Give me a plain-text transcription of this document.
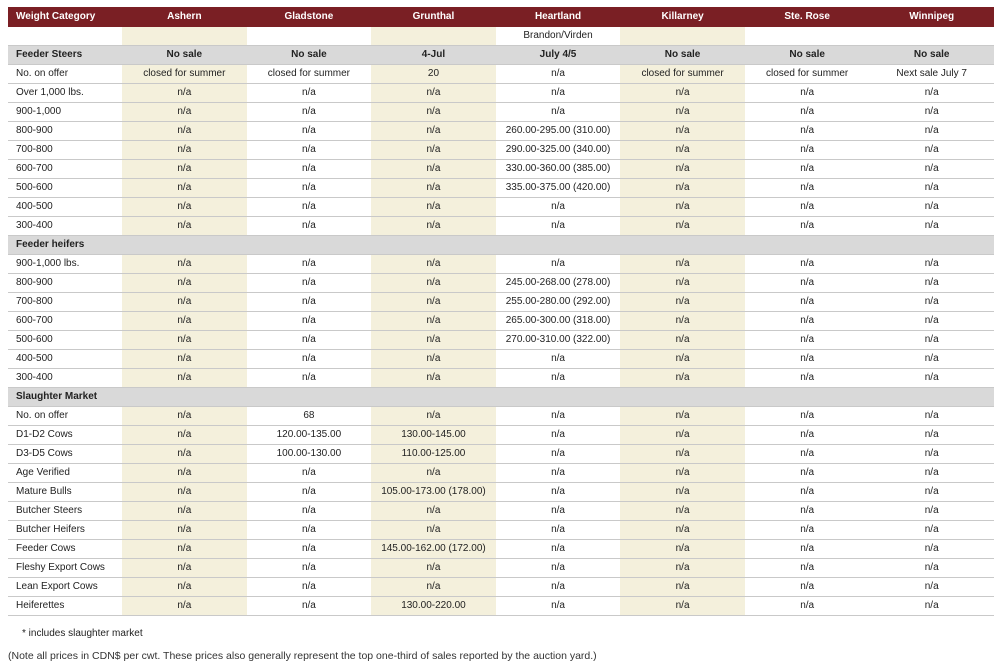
Weight Category	Ashern	Gladstone	Grunthal	Heartland	Killarney	Ste. Rose	Winnipeg
				Brandon/Virden			
Feeder Steers	No sale	No sale	4-Jul	July 4/5	No sale	No sale	No sale
No. on offer	closed for summer	closed for summer	20	n/a	closed for summer	closed for summer	Next sale July 7
Over 1,000 lbs.	n/a	n/a	n/a	n/a	n/a	n/a	n/a
900-1,000	n/a	n/a	n/a	n/a	n/a	n/a	n/a
800-900	n/a	n/a	n/a	260.00-295.00 (310.00)	n/a	n/a	n/a
700-800	n/a	n/a	n/a	290.00-325.00 (340.00)	n/a	n/a	n/a
600-700	n/a	n/a	n/a	330.00-360.00 (385.00)	n/a	n/a	n/a
500-600	n/a	n/a	n/a	335.00-375.00 (420.00)	n/a	n/a	n/a
400-500	n/a	n/a	n/a	n/a	n/a	n/a	n/a
300-400	n/a	n/a	n/a	n/a	n/a	n/a	n/a
Feeder heifers							
900-1,000 lbs.	n/a	n/a	n/a	n/a	n/a	n/a	n/a
800-900	n/a	n/a	n/a	245.00-268.00 (278.00)	n/a	n/a	n/a
700-800	n/a	n/a	n/a	255.00-280.00 (292.00)	n/a	n/a	n/a
600-700	n/a	n/a	n/a	265.00-300.00 (318.00)	n/a	n/a	n/a
500-600	n/a	n/a	n/a	270.00-310.00 (322.00)	n/a	n/a	n/a
400-500	n/a	n/a	n/a	n/a	n/a	n/a	n/a
300-400	n/a	n/a	n/a	n/a	n/a	n/a	n/a
Slaughter Market							
No. on offer	n/a	68	n/a	n/a	n/a	n/a	n/a
D1-D2 Cows	n/a	120.00-135.00	130.00-145.00	n/a	n/a	n/a	n/a
D3-D5 Cows	n/a	100.00-130.00	110.00-125.00	n/a	n/a	n/a	n/a
Age Verified	n/a	n/a	n/a	n/a	n/a	n/a	n/a
Mature Bulls	n/a	n/a	105.00-173.00 (178.00)	n/a	n/a	n/a	n/a
Butcher Steers	n/a	n/a	n/a	n/a	n/a	n/a	n/a
Butcher Heifers	n/a	n/a	n/a	n/a	n/a	n/a	n/a
Feeder Cows	n/a	n/a	145.00-162.00 (172.00)	n/a	n/a	n/a	n/a
Fleshy Export Cows	n/a	n/a	n/a	n/a	n/a	n/a	n/a
Lean Export Cows	n/a	n/a	n/a	n/a	n/a	n/a	n/a
Heiferettes	n/a	n/a	130.00-220.00	n/a	n/a	n/a	n/a
* includes slaughter market
(Note all prices in CDN$ per cwt. These prices also generally represent the top one-third of sales reported by the auction yard.)
